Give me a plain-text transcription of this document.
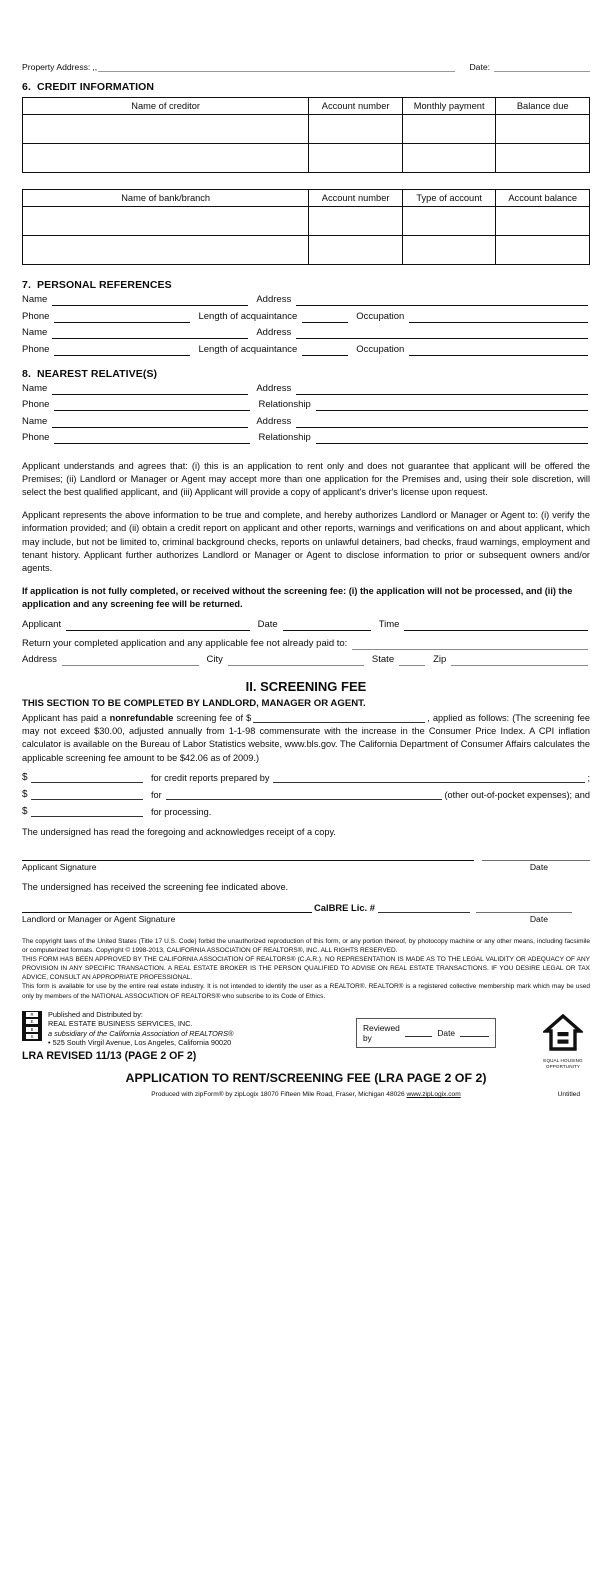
Property Address: ,,	Date:
6. CREDIT INFORMATION
Name of creditor	Account number	Monthly payment	Balance due

Name of bank/branch	Account number	Type of account	Account balance

7. PERSONAL REFERENCES
Name	Address
Phone	Length of acquaintance	Occupation
Name	Address
Phone	Length of acquaintance	Occupation
8. NEAREST RELATIVE(S)
Name	Address
Phone	Relationship
Name	Address
Phone	Relationship

Applicant understands and agrees that: (i) this is an application to rent only and does not guarantee that applicant will be offered the Premises; (ii) Landlord or Manager or Agent may accept more than one application for the Premises and, using their sole discretion, will select the best qualified applicant, and (iii) Applicant will provide a copy of applicant's driver's license upon request.

Applicant represents the above information to be true and complete, and hereby authorizes Landlord or Manager or Agent to: (i) verify the information provided; and (ii) obtain a credit report on applicant and other reports, warnings and verifications on and about applicant, which may include, but not be limited to, criminal background checks, reports on unlawful detainers, bad checks, fraud warnings, employment and tenant history. Applicant further authorizes Landlord or Manager or Agent to disclose information to prior or subsequent owners and/or agents.

If application is not fully completed, or received without the screening fee: (i) the application will not be processed, and (ii) the application and any screening fee will be returned.

Applicant	Date	Time
Return your completed application and any applicable fee not already paid to:
Address	City	State	Zip
II. SCREENING FEE
THIS SECTION TO BE COMPLETED BY LANDLORD, MANAGER OR AGENT.

Applicant has paid a nonrefundable screening fee of $	, applied as follows: (The screening fee may not exceed $30.00, adjusted annually from 1-1-98 commensurate with the increase in the Consumer Price Index. A CPI inflation calculator is available on the Bureau of Labor Statistics website, www.bls.gov. The California Department of Consumer Affairs calculates the applicable screening fee amount to be $42.06 as of 2009.)

$	for credit reports prepared by	;
$	for	(other out-of-pocket expenses); and
$	for processing.

The undersigned has read the foregoing and acknowledges receipt of a copy.

Applicant Signature	Date

The undersigned has received the screening fee indicated above.

CalBRE Lic. #
Landlord or Manager or Agent Signature	Date

The copyright laws of the United States (Title 17 U.S. Code) forbid the unauthorized reproduction of this form, or any portion thereof, by photocopy machine or any other means, including facsimile or computerized formats. Copyright © 1998-2013, CALIFORNIA ASSOCIATION OF REALTORS®, INC. ALL RIGHTS RESERVED.

THIS FORM HAS BEEN APPROVED BY THE CALIFORNIA ASSOCIATION OF REALTORS® (C.A.R.). NO REPRESENTATION IS MADE AS TO THE LEGAL VALIDITY OR ADEQUACY OF ANY PROVISION IN ANY SPECIFIC TRANSACTION. A REAL ESTATE BROKER IS THE PERSON QUALIFIED TO ADVISE ON REAL ESTATE TRANSACTIONS. IF YOU DESIRE LEGAL OR TAX ADVICE, CONSULT AN APPROPRIATE PROFESSIONAL.

This form is available for use by the entire real estate industry. It is not intended to identify the user as a REALTOR®. REALTOR® is a registered collective membership mark which may be used only by members of the NATIONAL ASSOCIATION OF REALTORS® who subscribe to its Code of Ethics.

R
E
B
S
Published and Distributed by:
REAL ESTATE BUSINESS SERVICES, INC.
a subsidiary of the California Association of REALTORS®
• 525 South Virgil Avenue, Los Angeles, California 90020
Reviewed by	Date
EQUAL HOUSING
OPPORTUNITY
LRA REVISED 11/13 (PAGE 2 OF 2)
APPLICATION TO RENT/SCREENING FEE (LRA PAGE 2 OF 2)
Produced with zipForm® by zipLogix 18070 Fifteen Mile Road, Fraser, Michigan 48026 www.zipLogix.com	Untitled
